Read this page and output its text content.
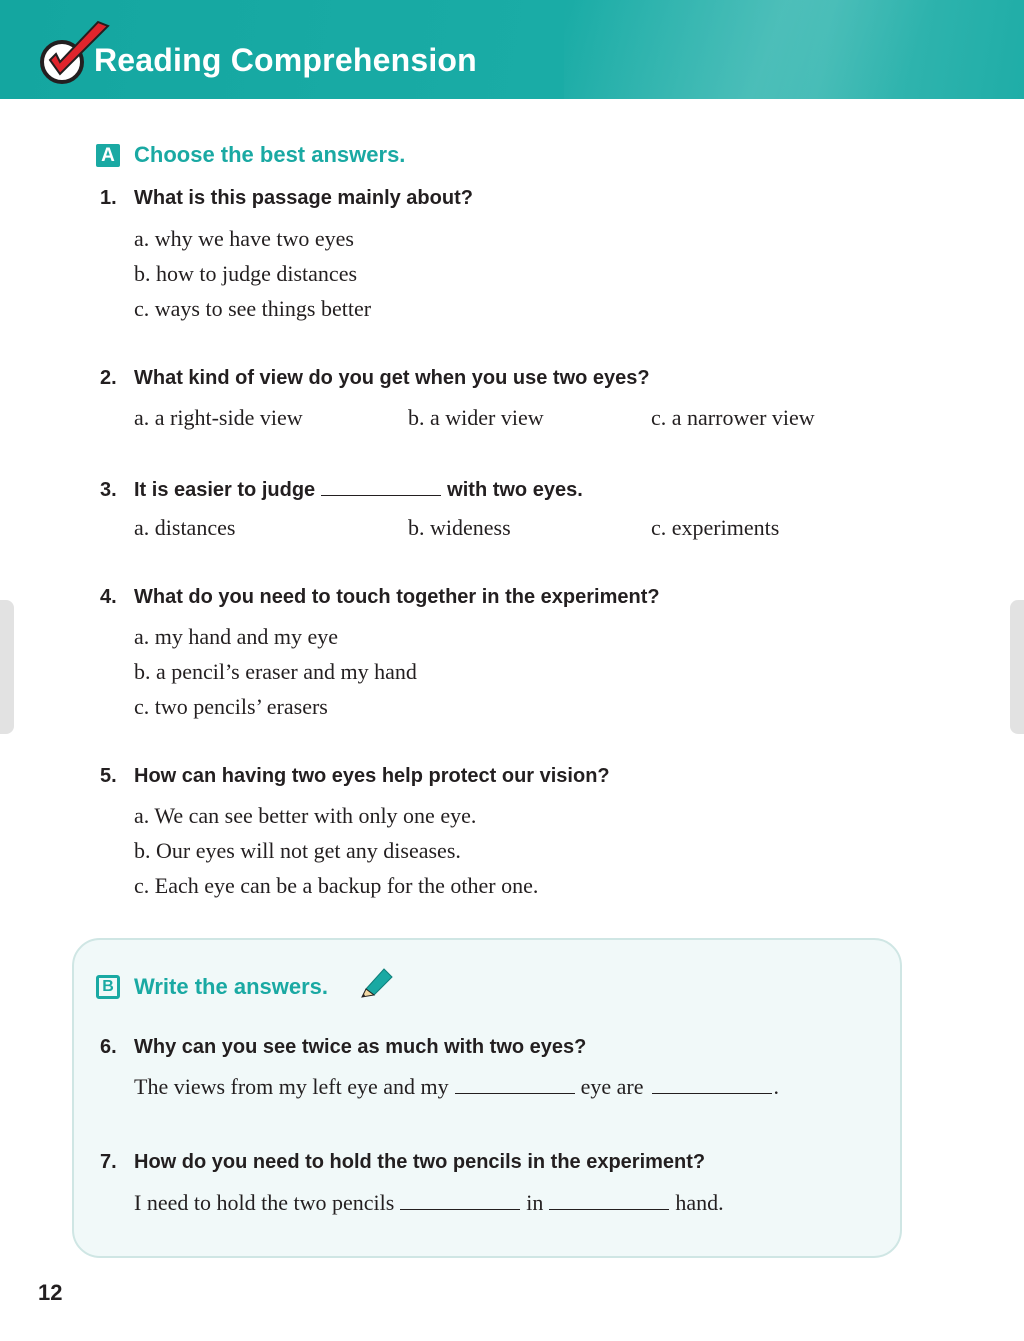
Reading Comprehension
A Choose the best answers.
1. What is this passage mainly about?
a. why we have two eyes
b. how to judge distances
c. ways to see things better
2. What kind of view do you get when you use two eyes?
a. a right-side view	b. a wider view	c. a narrower view
3. It is easier to judge	with two eyes.
a. distances	b. wideness	c. experiments
4. What do you need to touch together in the experiment?
a. my hand and my eye
b. a pencil’s eraser and my hand
c. two pencils’ erasers
5. How can having two eyes help protect our vision?
a. We can see better with only one eye.
b. Our eyes will not get any diseases.
c. Each eye can be a backup for the other one.
B Write the answers.
6. Why can you see twice as much with two eyes?
The views from my left eye and my	eye are	.
7. How do you need to hold the two pencils in the experiment?
I need to hold the two pencils	in	hand.
12
